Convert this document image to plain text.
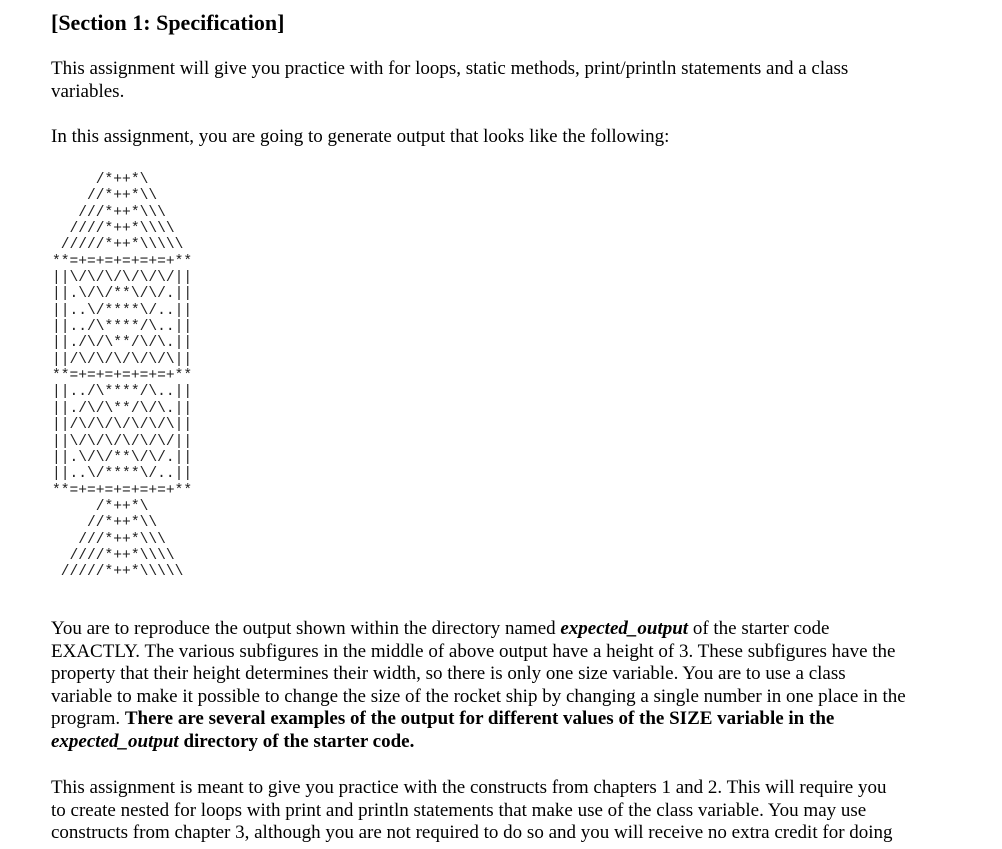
[Section 1: Specification]
This assignment will give you practice with for loops, static methods, print/println statements and a class
variables.
In this assignment, you are going to generate output that looks like the following:
/*++*\
//*++*\\
///*++*\\\
////*++*\\\\
/////*++*\\\\\
**=+=+=+=+=+=+**
||\/\/\/\/\/\/||
||.\/\/**\/\/.||
||..\/****\/..||
||../\****/\..||
||./\/\**/\/\.||
||/\/\/\/\/\/\||
**=+=+=+=+=+=+**
||../\****/\..||
||./\/\**/\/\.||
||/\/\/\/\/\/\||
||\/\/\/\/\/\/||
||.\/\/**\/\/.||
||..\/****\/..||
**=+=+=+=+=+=+**
/*++*\
//*++*\\
///*++*\\\
////*++*\\\\
/////*++*\\\\\
You are to reproduce the output shown within the directory named expected_output of the starter code
EXACTLY. The various subfigures in the middle of above output have a height of 3. These subfigures have the
property that their height determines their width, so there is only one size variable. You are to use a class
variable to make it possible to change the size of the rocket ship by changing a single number in one place in the
program. There are several examples of the output for different values of the SIZE variable in the
expected_output directory of the starter code.
This assignment is meant to give you practice with the constructs from chapters 1 and 2. This will require you
to create nested for loops with print and println statements that make use of the class variable. You may use
constructs from chapter 3, although you are not required to do so and you will receive no extra credit for doing
